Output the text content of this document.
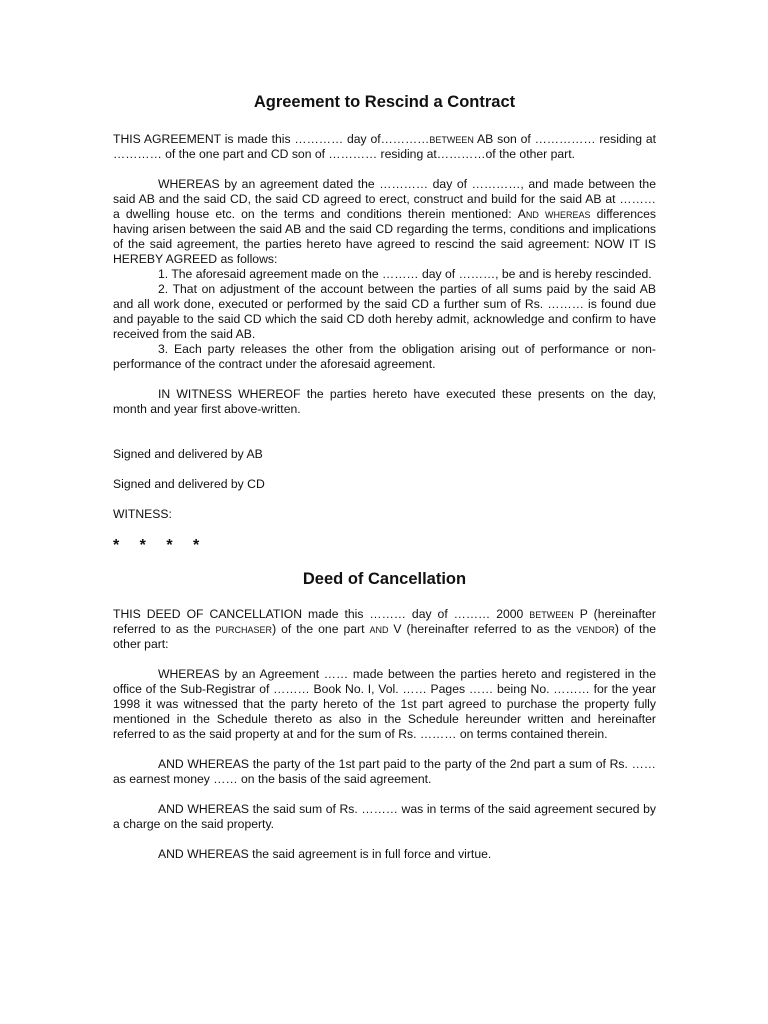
Agreement to Rescind a Contract

THIS AGREEMENT is made this ………… day of…………between AB son of …………… residing at ………… of the one part and CD son of ………… residing at…………of the other part.

WHEREAS by an agreement dated the ………… day of …………, and made between the said AB and the said CD, the said CD agreed to erect, construct and build for the said AB at ……… a dwelling house etc. on the terms and conditions therein mentioned: And whereas differences having arisen between the said AB and the said CD regarding the terms, conditions and implications of the said agreement, the parties hereto have agreed to rescind the said agreement: NOW IT IS HEREBY AGREED as follows:

1. The aforesaid agreement made on the ……… day of ………, be and is hereby rescinded.

2. That on adjustment of the account between the parties of all sums paid by the said AB and all work done, executed or performed by the said CD a further sum of Rs. ……… is found due and payable to the said CD which the said CD doth hereby admit, acknowledge and confirm to have received from the said AB.

3. Each party releases the other from the obligation arising out of performance or non-performance of the contract under the aforesaid agreement.

IN WITNESS WHEREOF the parties hereto have executed these presents on the day, month and year first above-written.

Signed and delivered by AB

Signed and delivered by CD

WITNESS:

* * * *

Deed of Cancellation

THIS DEED OF CANCELLATION made this ……… day of ……… 2000 between P (hereinafter referred to as the purchaser) of the one part and V (hereinafter referred to as the vendor) of the other part:

WHEREAS by an Agreement …… made between the parties hereto and registered in the office of the Sub-Registrar of ……… Book No. I, Vol. …… Pages …… being No. ……… for the year 1998 it was witnessed that the party hereto of the 1st part agreed to purchase the property fully mentioned in the Schedule thereto as also in the Schedule hereunder written and hereinafter referred to as the said property at and for the sum of Rs. ……… on terms contained therein.

AND WHEREAS the party of the 1st part paid to the party of the 2nd part a sum of Rs. …… as earnest money …… on the basis of the said agreement.

AND WHEREAS the said sum of Rs. ……… was in terms of the said agreement secured by a charge on the said property.

AND WHEREAS the said agreement is in full force and virtue.
